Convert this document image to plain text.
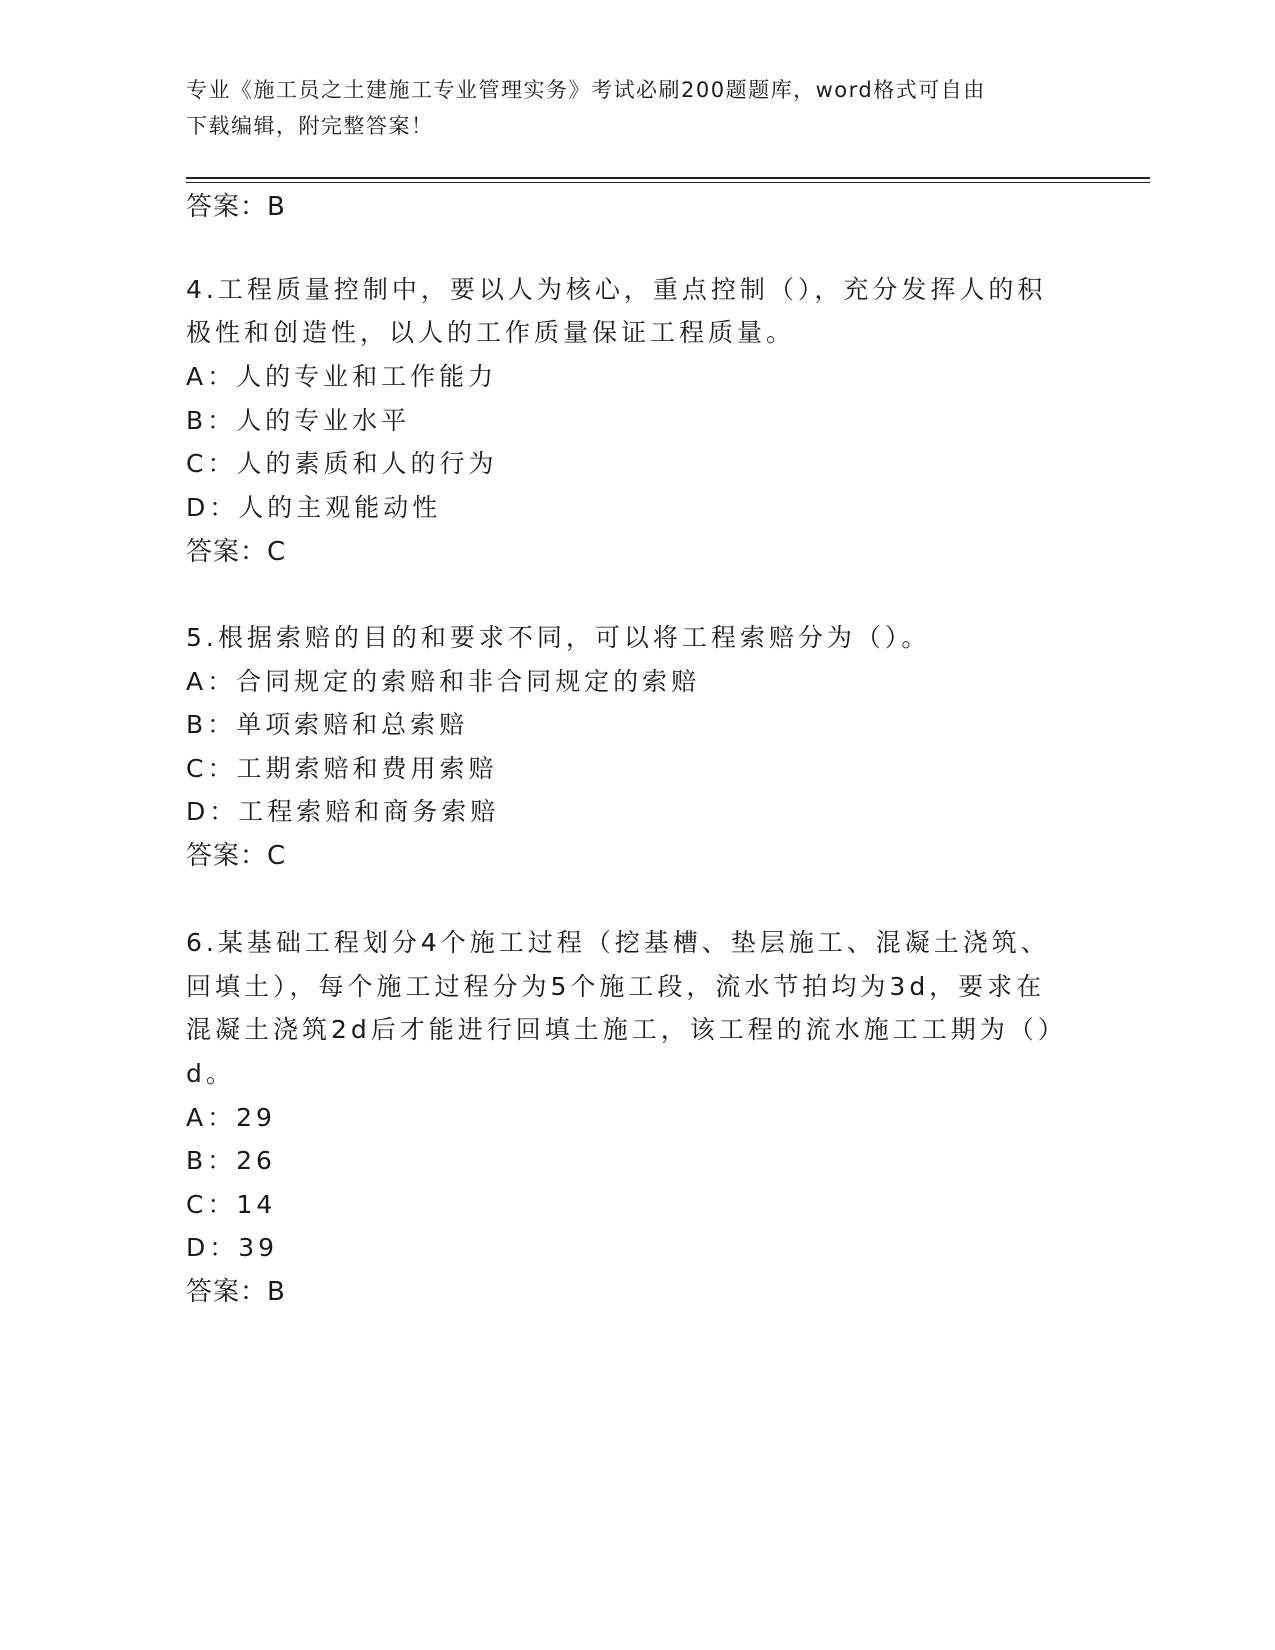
专业《施工员之土建施工专业管理实务》考试必刷200题题库，word格式可自由
下载编辑，附完整答案！
答案：B
4.工程质量控制中，要以人为核心，重点控制（），充分发挥人的积
极性和创造性，以人的工作质量保证工程质量。
A：人的专业和工作能力
B：人的专业水平
C：人的素质和人的行为
D：人的主观能动性
答案：C
5.根据索赔的目的和要求不同，可以将工程索赔分为（）。
A：合同规定的索赔和非合同规定的索赔
B：单项索赔和总索赔
C：工期索赔和费用索赔
D：工程索赔和商务索赔
答案：C
6.某基础工程划分4个施工过程（挖基槽、垫层施工、混凝土浇筑、
回填土），每个施工过程分为5个施工段，流水节拍均为3d，要求在
混凝土浇筑2d后才能进行回填土施工，该工程的流水施工工期为（）
d。
A：29
B：26
C：14
D：39
答案：B
